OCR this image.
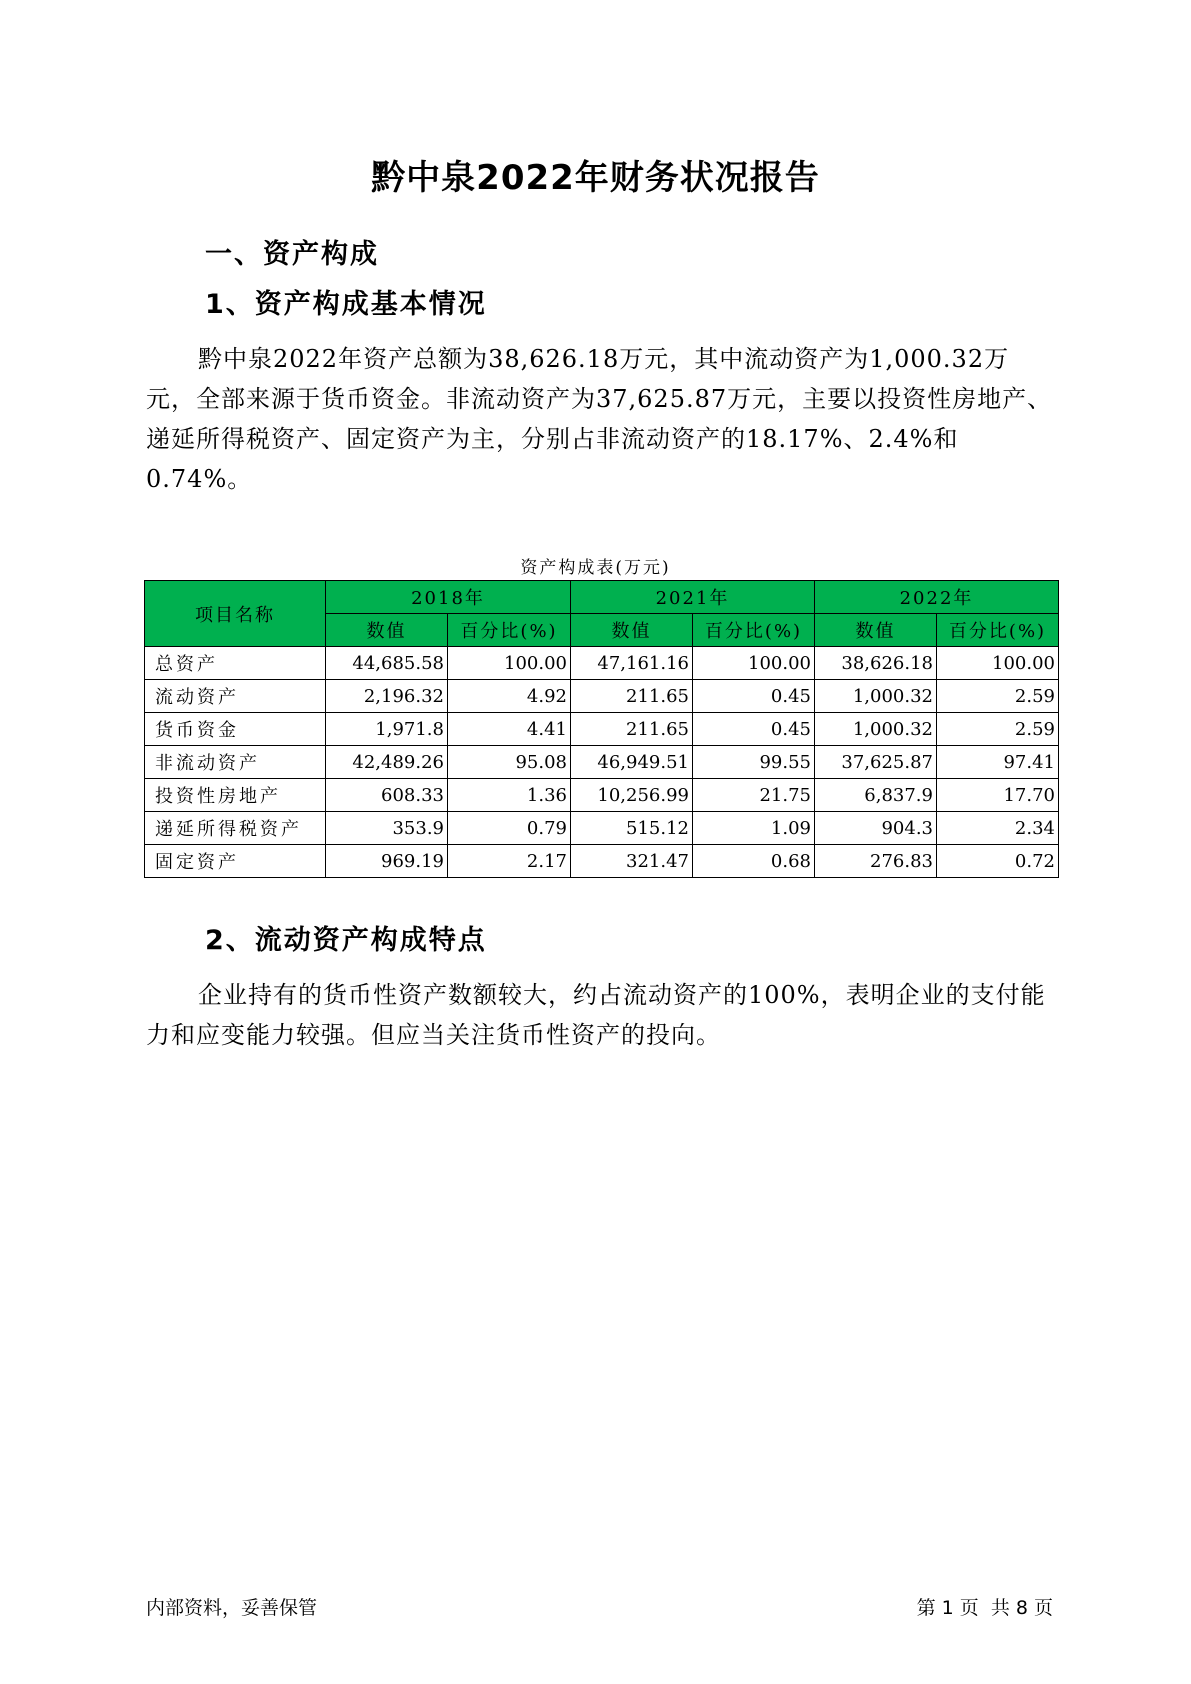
黔中泉2022年财务状况报告
一、资产构成
1、资产构成基本情况
黔中泉2022年资产总额为38,626.18万元，其中流动资产为1,000.32万元，全部来源于货币资金。非流动资产为37,625.87万元，主要以投资性房地产、递延所得税资产、固定资产为主，分别占非流动资产的18.17%、2.4%和0.74%。
资产构成表(万元)
项目名称	2018年		2021年		2022年	
	数值	百分比(%)	数值	百分比(%)	数值	百分比(%)
总资产	44,685.58	100.00	47,161.16	100.00	38,626.18	100.00
流动资产	2,196.32	4.92	211.65	0.45	1,000.32	2.59
货币资金	1,971.8	4.41	211.65	0.45	1,000.32	2.59
非流动资产	42,489.26	95.08	46,949.51	99.55	37,625.87	97.41
投资性房地产	608.33	1.36	10,256.99	21.75	6,837.9	17.70
递延所得税资产	353.9	0.79	515.12	1.09	904.3	2.34
固定资产	969.19	2.17	321.47	0.68	276.83	0.72
2、流动资产构成特点
企业持有的货币性资产数额较大，约占流动资产的100%，表明企业的支付能力和应变能力较强。但应当关注货币性资产的投向。
内部资料，妥善保管	第 1 页  共 8 页
